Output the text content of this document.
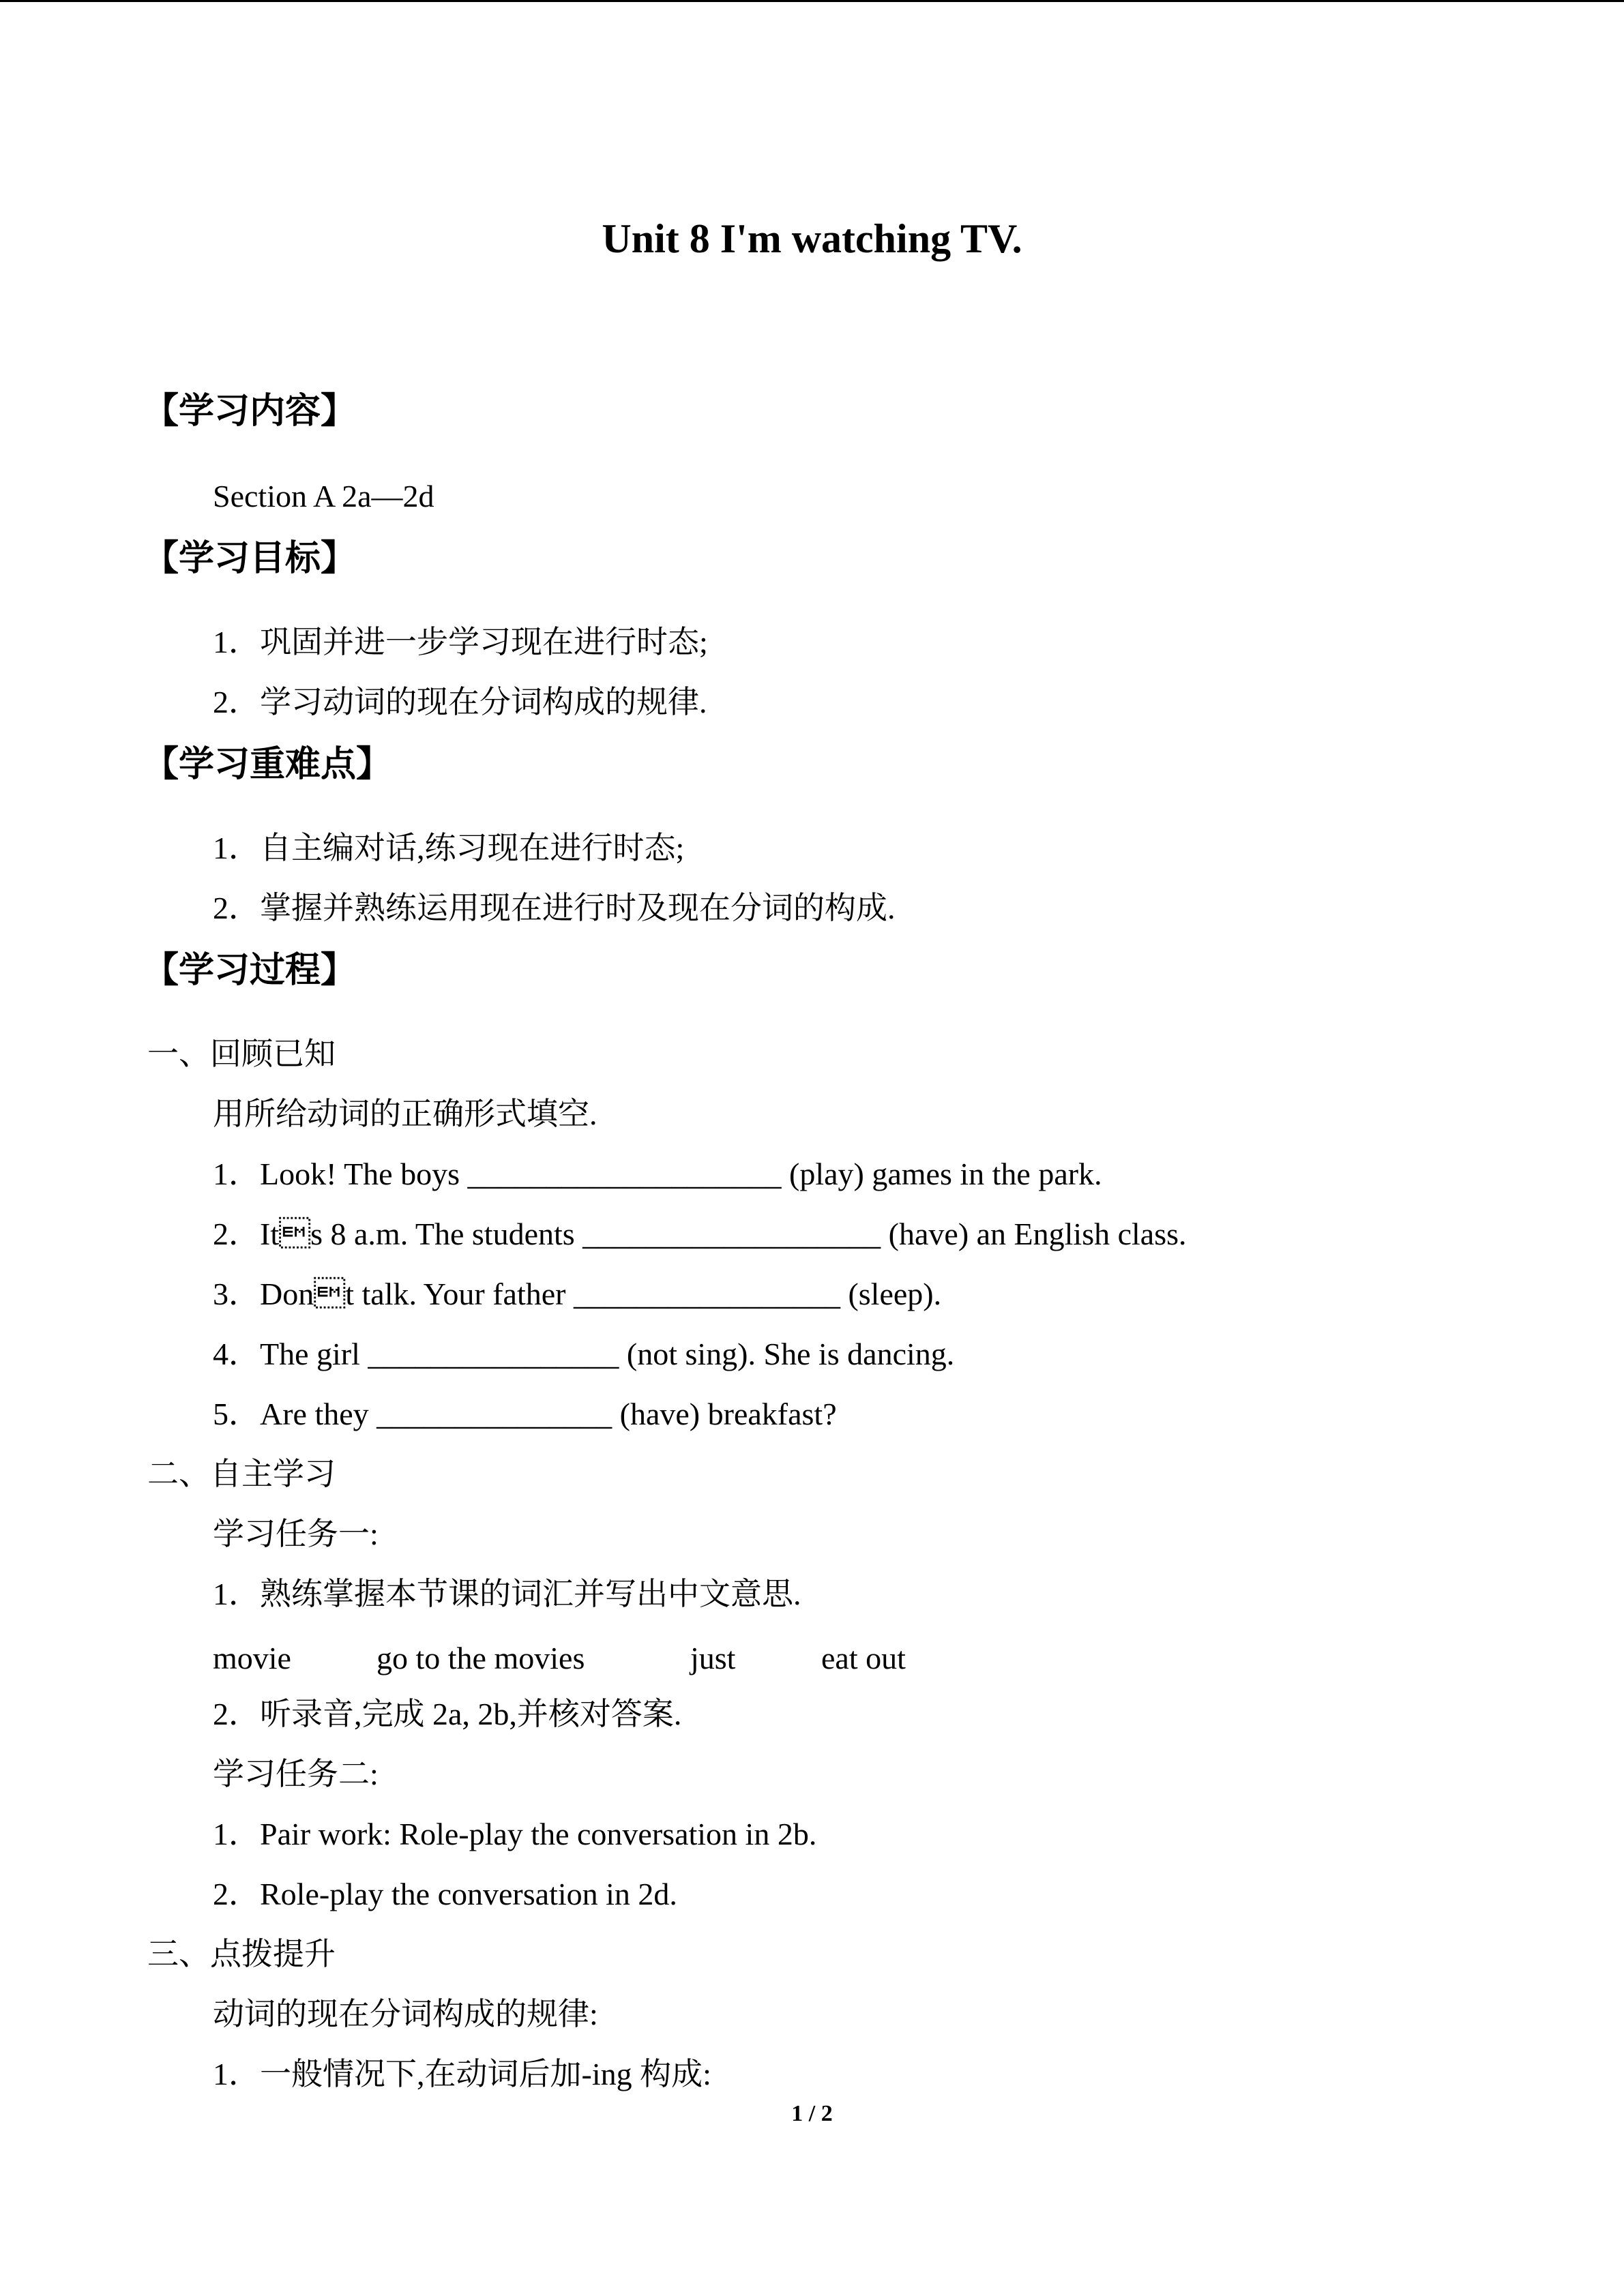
Unit 8 I'm watching TV.
【学习内容】
Section A 2a—2d
【学习目标】
1．巩固并进一步学习现在进行时态;
2．学习动词的现在分词构成的规律.
【学习重难点】
1．自主编对话,练习现在进行时态;
2．掌握并熟练运用现在进行时及现在分词的构成.
【学习过程】
一、回顾已知
用所给动词的正确形式填空.
1．Look! The boys ____________________ (play) games in the park.
2．Its 8 a.m. The students ___________________ (have) an English class.
3．Dont talk. Your father _________________ (sleep).
4．The girl ________________ (not sing). She is dancing.
5．Are they _______________ (have) breakfast?
二、自主学习
学习任务一:
1．熟练掌握本节课的词汇并写出中文意思.
movie	go to the movies	just	eat out
2．听录音,完成 2a, 2b,并核对答案.
学习任务二:
1．Pair work: Role-play the conversation in 2b.
2．Role-play the conversation in 2d.
三、点拨提升
动词的现在分词构成的规律:
1．一般情况下,在动词后加-ing 构成:
1 / 2
